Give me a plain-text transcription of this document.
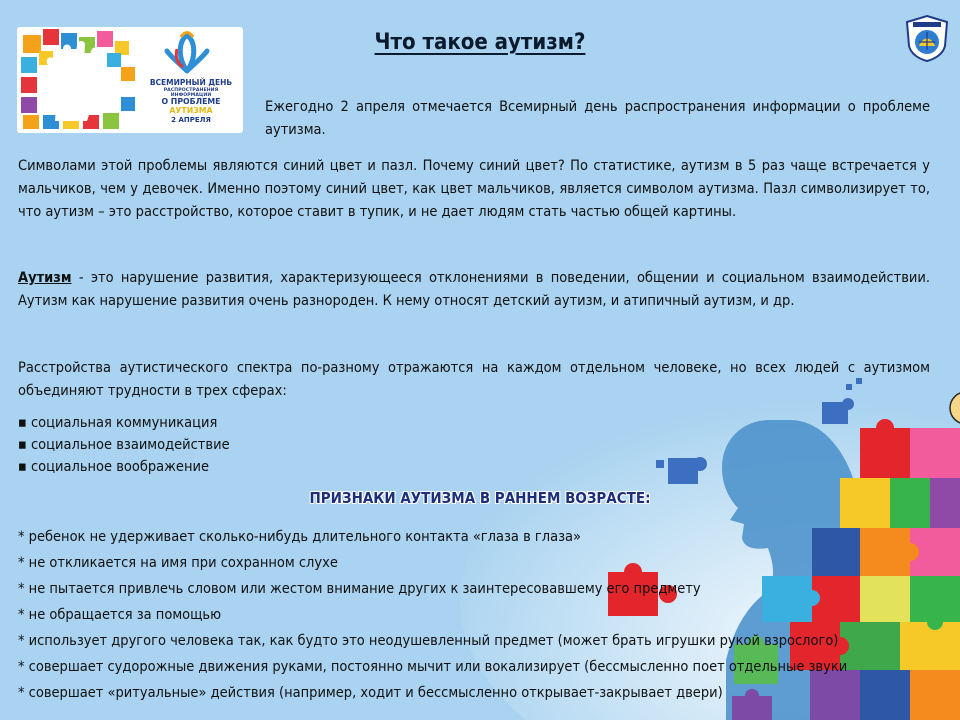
ВСЕМИРНЫЙ ДЕНЬ
РАСПРОСТРАНЕНИЯ ИНФОРМАЦИИ
О ПРОБЛЕМЕ АУТИЗМА
2 АПРЕЛЯ
Что такое аутизм?

Ежегодно 2 апреля отмечается Всемирный день распространения информации о проблеме аутизма.

Символами этой проблемы являются синий цвет и пазл. Почему синий цвет? По статистике, аутизм в 5 раз чаще встречается у мальчиков, чем у девочек. Именно поэтому синий цвет, как цвет мальчиков, является символом аутизма. Пазл символизирует то, что аутизм – это расстройство, которое ставит в тупик, и не дает людям стать частью общей картины.

Аутизм - это нарушение развития, характеризующееся отклонениями в поведении, общении и социальном взаимодействии. Аутизм как нарушение развития очень разнороден. К нему относят детский аутизм, и атипичный аутизм, и др.

Расстройства аутистического спектра по-разному отражаются на каждом отдельном человеке, но всех людей с аутизмом объединяют трудности в трех сферах:

▪ социальная коммуникация
▪ социальное взаимодействие
▪ социальное воображение
ПРИЗНАКИ АУТИЗМА В РАННЕМ ВОЗРАСТЕ:
* ребенок не удерживает сколько-нибудь длительного контакта «глаза в глаза»
* не откликается на имя при сохранном слухе
* не пытается привлечь словом или жестом внимание других к заинтересовавшему его предмету
* не обращается за помощью
* использует другого человека так, как будто это неодушевленный предмет (может брать игрушки рукой взрослого)
* совершает судорожные движения руками, постоянно мычит или вокализирует (бессмысленно поет отдельные звуки
* совершает «ритуальные» действия (например, ходит и бессмысленно открывает-закрывает двери)
